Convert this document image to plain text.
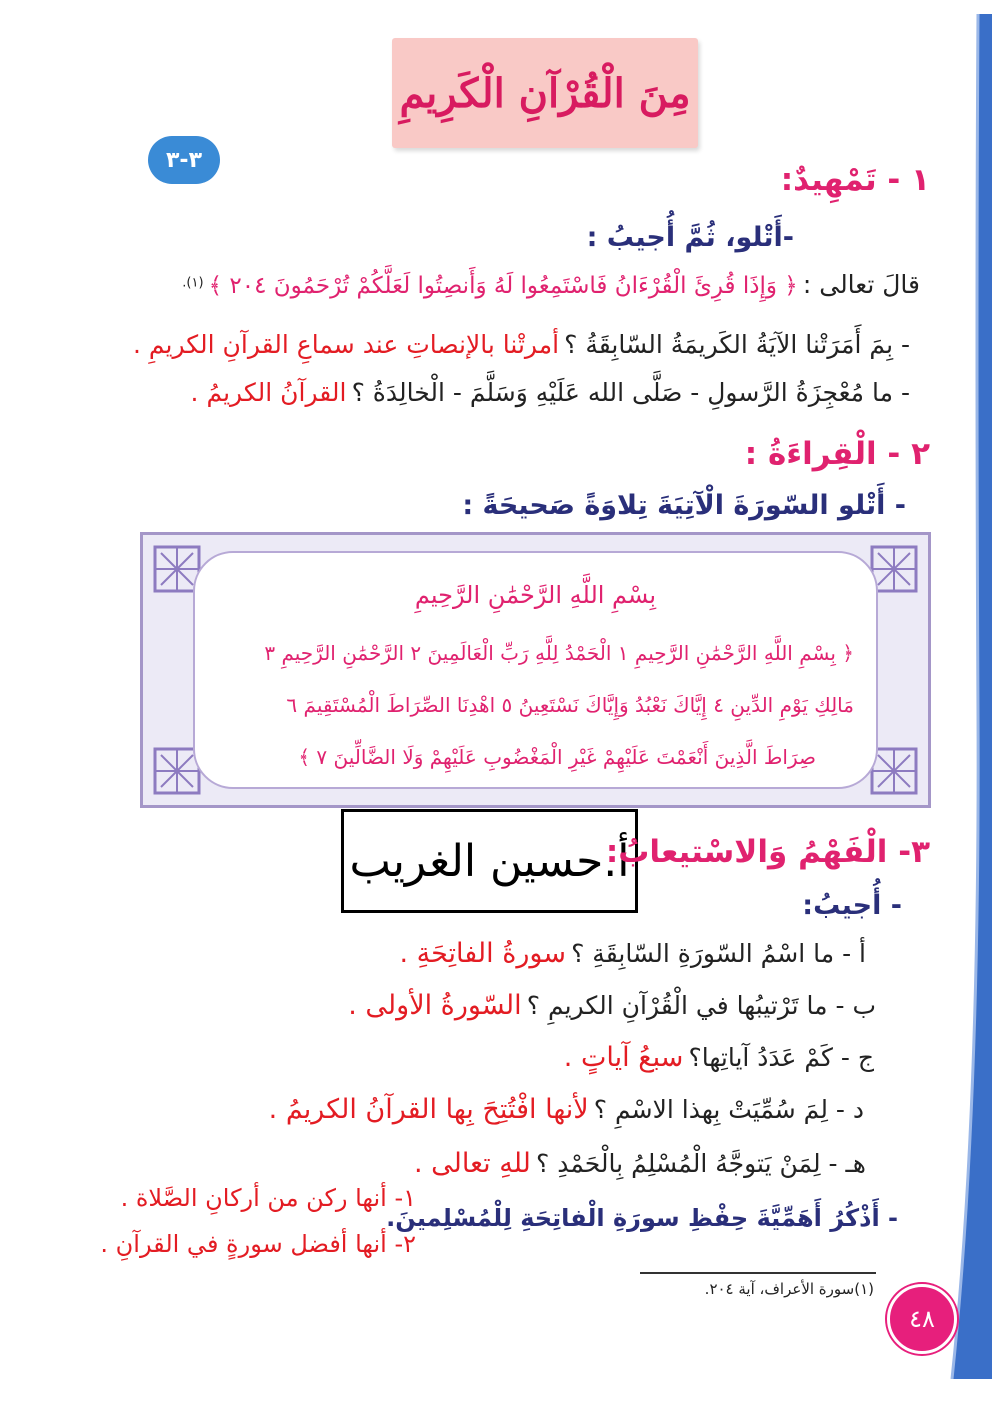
مِنَ الْقُرْآنِ الْكَرِيمِ
٣-٣
١ - تَمْهِيدٌ:
-أَتْلو، ثُمَّ أُجيبُ :
قالَ تعالى : ﴿ وَإِذَا قُرِئَ الْقُرْءَانُ فَاسْتَمِعُوا لَهُ وَأَنصِتُوا لَعَلَّكُمْ تُرْحَمُونَ ٢٠٤ ﴾ $^{(١).}$
- بِمَ أَمَرَتْنا الآيَةُ الكَريمَةُ السّابِقَةُ ؟ أمرتْنا بالإنصاتِ عند سماعِ القرآنِ الكريمِ .
- ما مُعْجِزَةُ الرَّسولِ - صَلَّى الله عَلَيْهِ وَسَلَّمَ - الْخالِدَةُ ؟ القرآنُ الكريمُ .
٢ - الْقِراءَةُ :
- أَتْلو السّورَةَ الْآتِيَةَ تِلاوَةً صَحيحَةً :
بِسْمِ اللَّهِ الرَّحْمَٰنِ الرَّحِيمِ
﴿ بِسْمِ اللَّهِ الرَّحْمَٰنِ الرَّحِيمِ ١ الْحَمْدُ لِلَّهِ رَبِّ الْعَالَمِينَ ٢ الرَّحْمَٰنِ الرَّحِيمِ ٣
مَالِكِ يَوْمِ الدِّينِ ٤ إِيَّاكَ نَعْبُدُ وَإِيَّاكَ نَسْتَعِينُ ٥ اهْدِنَا الصِّرَاطَ الْمُسْتَقِيمَ ٦
صِرَاطَ الَّذِينَ أَنْعَمْتَ عَلَيْهِمْ غَيْرِ الْمَغْضُوبِ عَلَيْهِمْ وَلَا الضَّالِّينَ ٧ ﴾
أ.حسين الغريب
٣- الْفَهْمُ وَالاسْتيعابُ:
- أُجيبُ:
أ - ما اسْمُ السّورَةِ السّابِقَةِ ؟ سورةُ الفاتِحَةِ .
ب - ما تَرْتيبُها في الْقُرْآنِ الكريمِ ؟ السّورةُ الأولى .
ج - كَمْ عَدَدُ آياتِها؟ سبعُ آياتٍ .
د - لِمَ سُمِّيَتْ بِهذا الاسْمِ ؟ لأنها افْتُتِحَ بِها القرآنُ الكريمُ .
هـ - لِمَنْ يَتوجَّهُ الْمُسْلِمُ بِالْحَمْدِ ؟ للهِ تعالى .
- أَذْكُرُ أَهَمِّيَّةَ حِفْظِ سورَةِ الْفاتِحَةِ لِلْمُسْلِمينَ.
١- أنها ركن من أركانِ الصَّلاة .
٢- أنها أفضل سورةٍ في القرآنِ .
(١)سورة الأعراف، آية ٢٠٤.
٤٨
